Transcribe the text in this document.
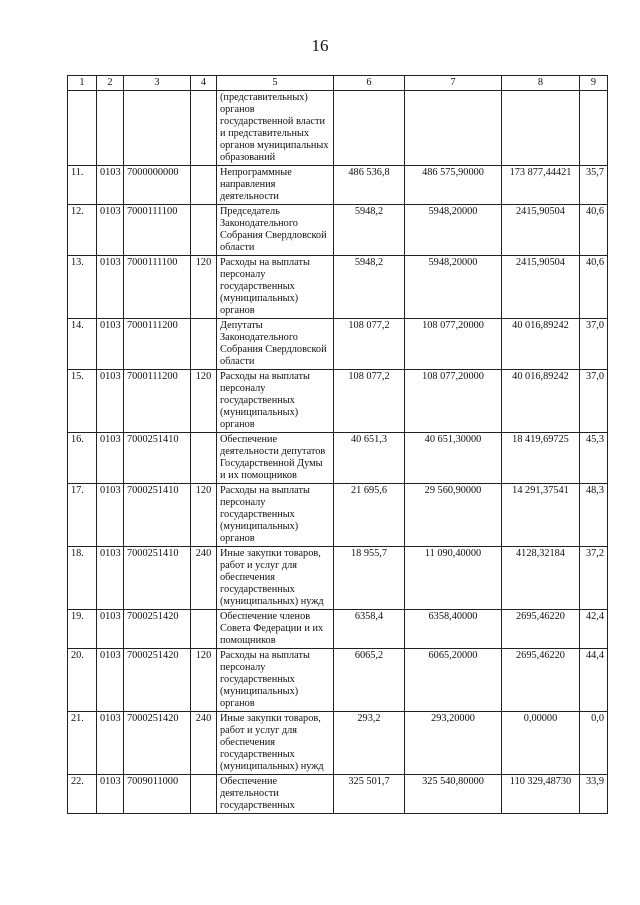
16
1	2	3	4	5	6	7	8	9
				(представительных) органов государственной власти и представительных органов муниципальных образований				
11.	0103	7000000000		Непрограммные направления деятельности	486 536,8	486 575,90000	173 877,44421	35,7
12.	0103	7000111100		Председатель Законодательного Собрания Свердловской области	5948,2	5948,20000	2415,90504	40,6
13.	0103	7000111100	120	Расходы на выплаты персоналу государственных (муниципальных) органов	5948,2	5948,20000	2415,90504	40,6
14.	0103	7000111200		Депутаты Законодательного Собрания Свердловской области	108 077,2	108 077,20000	40 016,89242	37,0
15.	0103	7000111200	120	Расходы на выплаты персоналу государственных (муниципальных) органов	108 077,2	108 077,20000	40 016,89242	37,0
16.	0103	7000251410		Обеспечение деятельности депутатов Государственной Думы и их помощников	40 651,3	40 651,30000	18 419,69725	45,3
17.	0103	7000251410	120	Расходы на выплаты персоналу государственных (муниципальных) органов	21 695,6	29 560,90000	14 291,37541	48,3
18.	0103	7000251410	240	Иные закупки товаров, работ и услуг для обеспечения государственных (муниципальных) нужд	18 955,7	11 090,40000	4128,32184	37,2
19.	0103	7000251420		Обеспечение членов Совета Федерации и их помощников	6358,4	6358,40000	2695,46220	42,4
20.	0103	7000251420	120	Расходы на выплаты персоналу государственных (муниципальных) органов	6065,2	6065,20000	2695,46220	44,4
21.	0103	7000251420	240	Иные закупки товаров, работ и услуг для обеспечения государственных (муниципальных) нужд	293,2	293,20000	0,00000	0,0
22.	0103	7009011000		Обеспечение деятельности государственных	325 501,7	325 540,80000	110 329,48730	33,9
